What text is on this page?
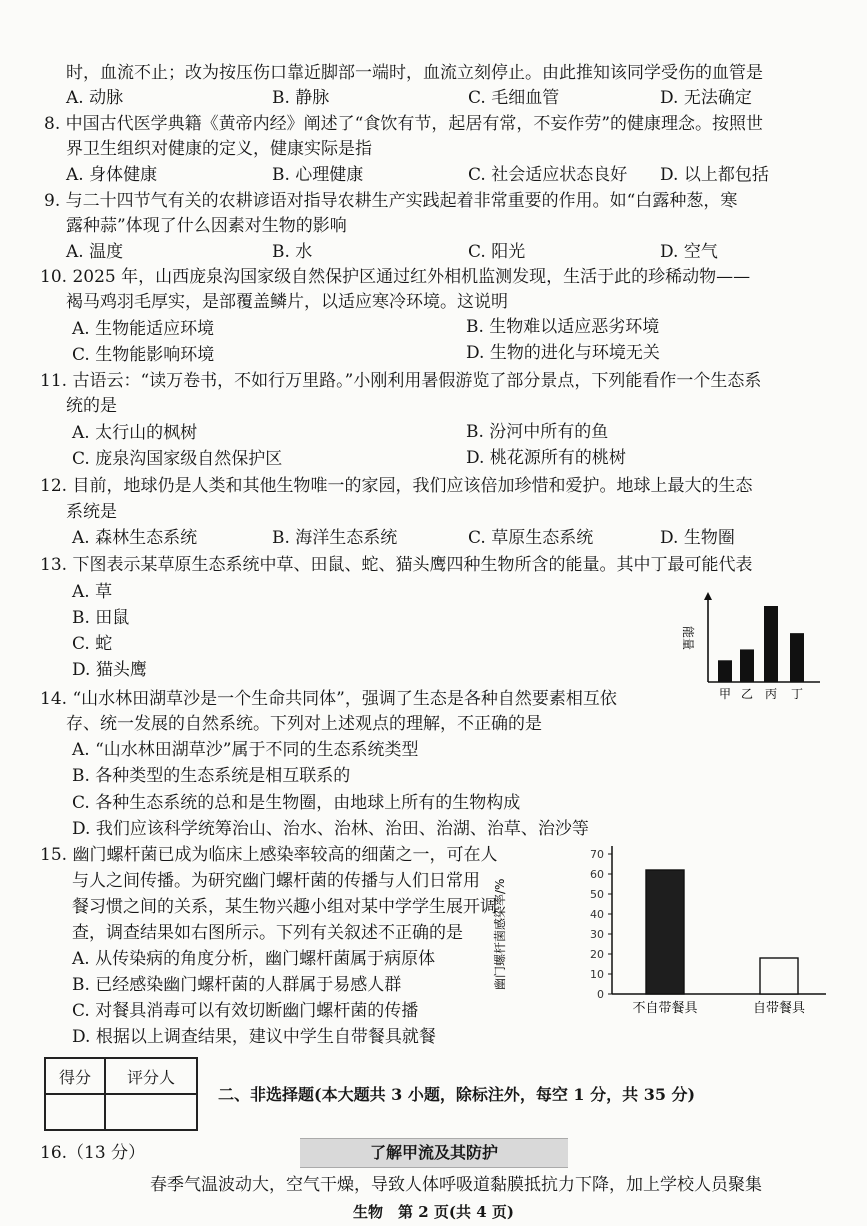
时，血流不止；改为按压伤口靠近脚部一端时，血流立刻停止。由此推知该同学受伤的血管是
A. 动脉	B. 静脉	C. 毛细血管	D. 无法确定
8. 中国古代医学典籍《黄帝内经》阐述了“食饮有节，起居有常，不妄作劳”的健康理念。按照世
界卫生组织对健康的定义，健康实际是指
A. 身体健康	B. 心理健康	C. 社会适应状态良好 D. 以上都包括
9. 与二十四节气有关的农耕谚语对指导农耕生产实践起着非常重要的作用。如“白露种葱，寒
露种蒜”体现了什么因素对生物的影响
A. 温度	B. 水	C. 阳光	D. 空气
10. 2025 年，山西庞泉沟国家级自然保护区通过红外相机监测发现，生活于此的珍稀动物——
褐马鸡羽毛厚实，是部覆盖鳞片，以适应寒冷环境。这说明
A. 生物能适应环境	B. 生物难以适应恶劣环境
C. 生物能影响环境	D. 生物的进化与环境无关
11. 古语云：“读万卷书，不如行万里路。”小刚利用暑假游览了部分景点，下列能看作一个生态系
统的是
A. 太行山的枫树	B. 汾河中所有的鱼
C. 庞泉沟国家级自然保护区	D. 桃花源所有的桃树
12. 目前，地球仍是人类和其他生物唯一的家园，我们应该倍加珍惜和爱护。地球上最大的生态
系统是
A. 森林生态系统	B. 海洋生态系统	C. 草原生态系统	D. 生物圈
13. 下图表示某草原生态系统中草、田鼠、蛇、猫头鹰四种生物所含的能量。其中丁最可能代表
A. 草
B. 田鼠
C. 蛇
D. 猫头鹰
能量
甲 乙 丙 丁
14. “山水林田湖草沙是一个生命共同体”，强调了生态是各种自然要素相互依
存、统一发展的自然系统。下列对上述观点的理解，不正确的是
A. “山水林田湖草沙”属于不同的生态系统类型
B. 各种类型的生态系统是相互联系的
C. 各种生态系统的总和是生物圈，由地球上所有的生物构成
D. 我们应该科学统筹治山、治水、治林、治田、治湖、治草、治沙等
15. 幽门螺杆菌已成为临床上感染率较高的细菌之一，可在人
与人之间传播。为研究幽门螺杆菌的传播与人们日常用
餐习惯之间的关系，某生物兴趣小组对某中学学生展开调
查，调查结果如右图所示。下列有关叙述不正确的是
A. 从传染病的角度分析，幽门螺杆菌属于病原体
B. 已经感染幽门螺杆菌的人群属于易感人群
C. 对餐具消毒可以有效切断幽门螺杆菌的传播
D. 根据以上调查结果，建议中学生自带餐具就餐
幽门螺杆菌感染率/%
0
10
20
30
40
50
60
70
不自带餐具	自带餐具
得分	评分人

二、非选择题(本大题共 3 小题，除标注外，每空 1 分，共 35 分)
16.（13 分）	了解甲流及其防护
春季气温波动大，空气干燥，导致人体呼吸道黏膜抵抗力下降，加上学校人员聚集
生物　第 2 页(共 4 页)
